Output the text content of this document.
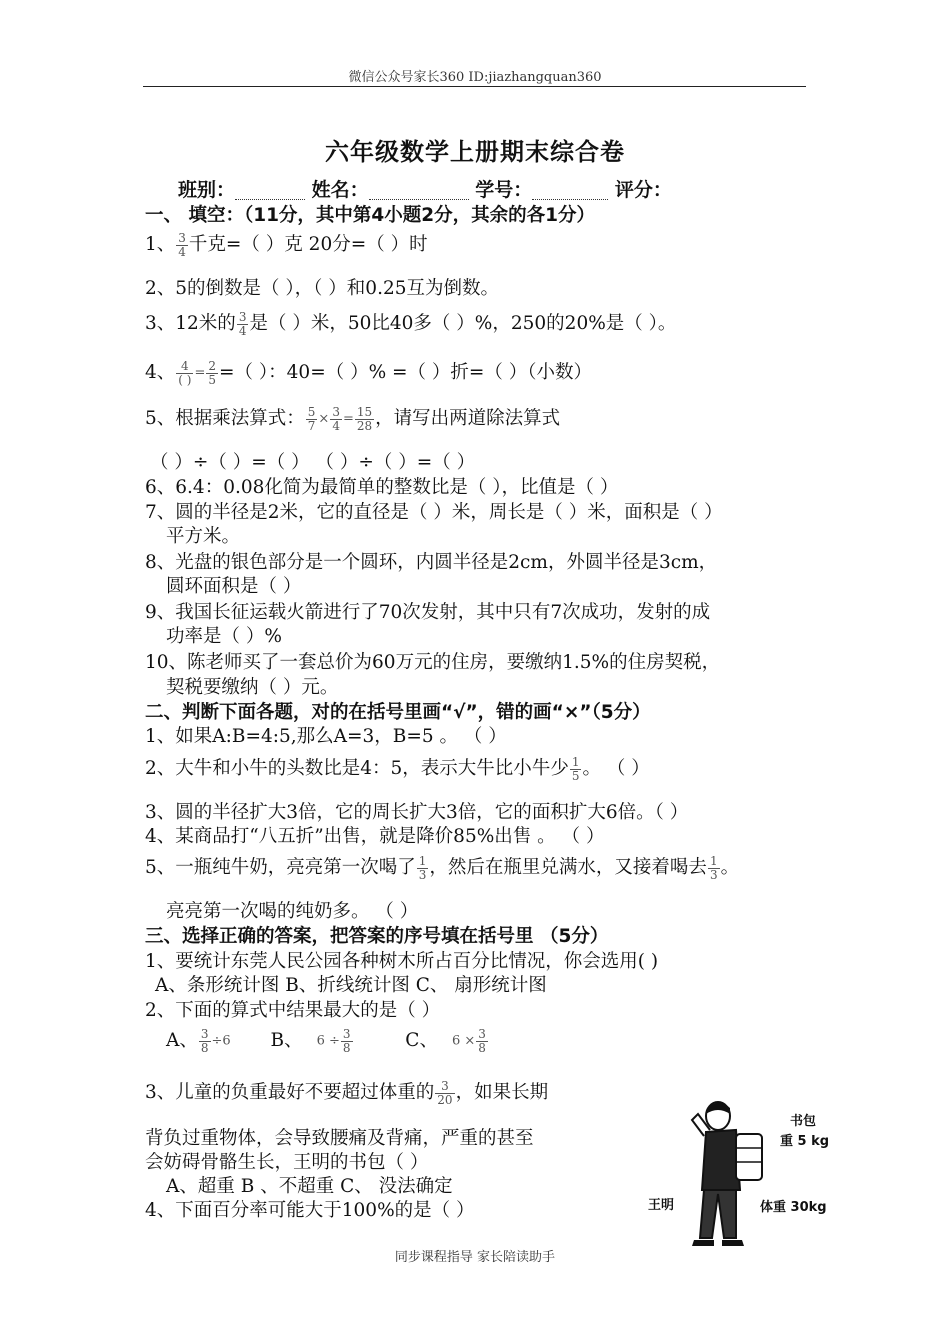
微信公众号家长360 ID:jiazhangquan360
六年级数学上册期末综合卷
班别：	姓名：	学号：	评分：
一、 填空：（11分，其中第4小题2分，其余的各1分）
1、 $\frac{3}{4}$ 千克=（ ）克 20分=（ ）时
2、5的倒数是（ ），（ ）和0.25互为倒数。
3、12米的 $\frac{3}{4}$ 是（ ）米，50比40多（ ）%，250的20%是（ ）。
4、 4
( ) = $\frac{2}{5}$ =（ ）：40=（ ）% =（ ）折=（ ）（小数）
5、根据乘法算式： $\frac{5}{7} \times \frac{3}{4} = \frac{15}{28}$ ，请写出两道除法算式
（ ）÷（ ）=（ ） （ ）÷（ ）=（ ）
6、6.4：0.08化简为最简单的整数比是（ ），比值是（ ）
7、圆的半径是2米，它的直径是（ ）米，周长是（ ）米，面积是（ ）
平方米。
8、光盘的银色部分是一个圆环，内圆半径是2cm，外圆半径是3cm，
圆环面积是（ ）
9、我国长征运载火箭进行了70次发射，其中只有7次成功，发射的成
功率是（ ）%
10、陈老师买了一套总价为60万元的住房，要缴纳1.5%的住房契税，
契税要缴纳（ ）元。
二、判断下面各题，对的在括号里画“√”，错的画“×”（5分）
1、如果A:B=4:5,那么A=3，B=5 。 （ ）
2、大牛和小牛的头数比是4：5，表示大牛比小牛少 $\frac{1}{5}$ 。 （ ）
3、圆的半径扩大3倍，它的周长扩大3倍，它的面积扩大6倍。（ ）
4、某商品打“八五折”出售，就是降价85%出售 。 （ ）
5、一瓶纯牛奶，亮亮第一次喝了 $\frac{1}{3}$ ，然后在瓶里兑满水，又接着喝去 $\frac{1}{3}$ 。
亮亮第一次喝的纯奶多。 （ ）
三、选择正确的答案，把答案的序号填在括号里 （5分）
1、要统计东莞人民公园各种树木所占百分比情况，你会选用( )
A、条形统计图 B、折线统计图 C、 扇形统计图
2、下面的算式中结果最大的是（ ）
A、 $\frac{3}{8} \div 6$ B、 $6 \div \frac{3}{8}$	C、 $6 \times \frac{3}{8}$
3、儿童的负重最好不要超过体重的 $\frac{3}{20}$ ，如果长期
背负过重物体，会导致腰痛及背痛，严重的甚至
会妨碍骨骼生长，王明的书包（ ）
A、超重 B 、不超重 C、 没法确定
4、下面百分率可能大于100%的是（ ）
书包
重 5 kg
王明	体重 30kg
同步课程指导 家长陪读助手
